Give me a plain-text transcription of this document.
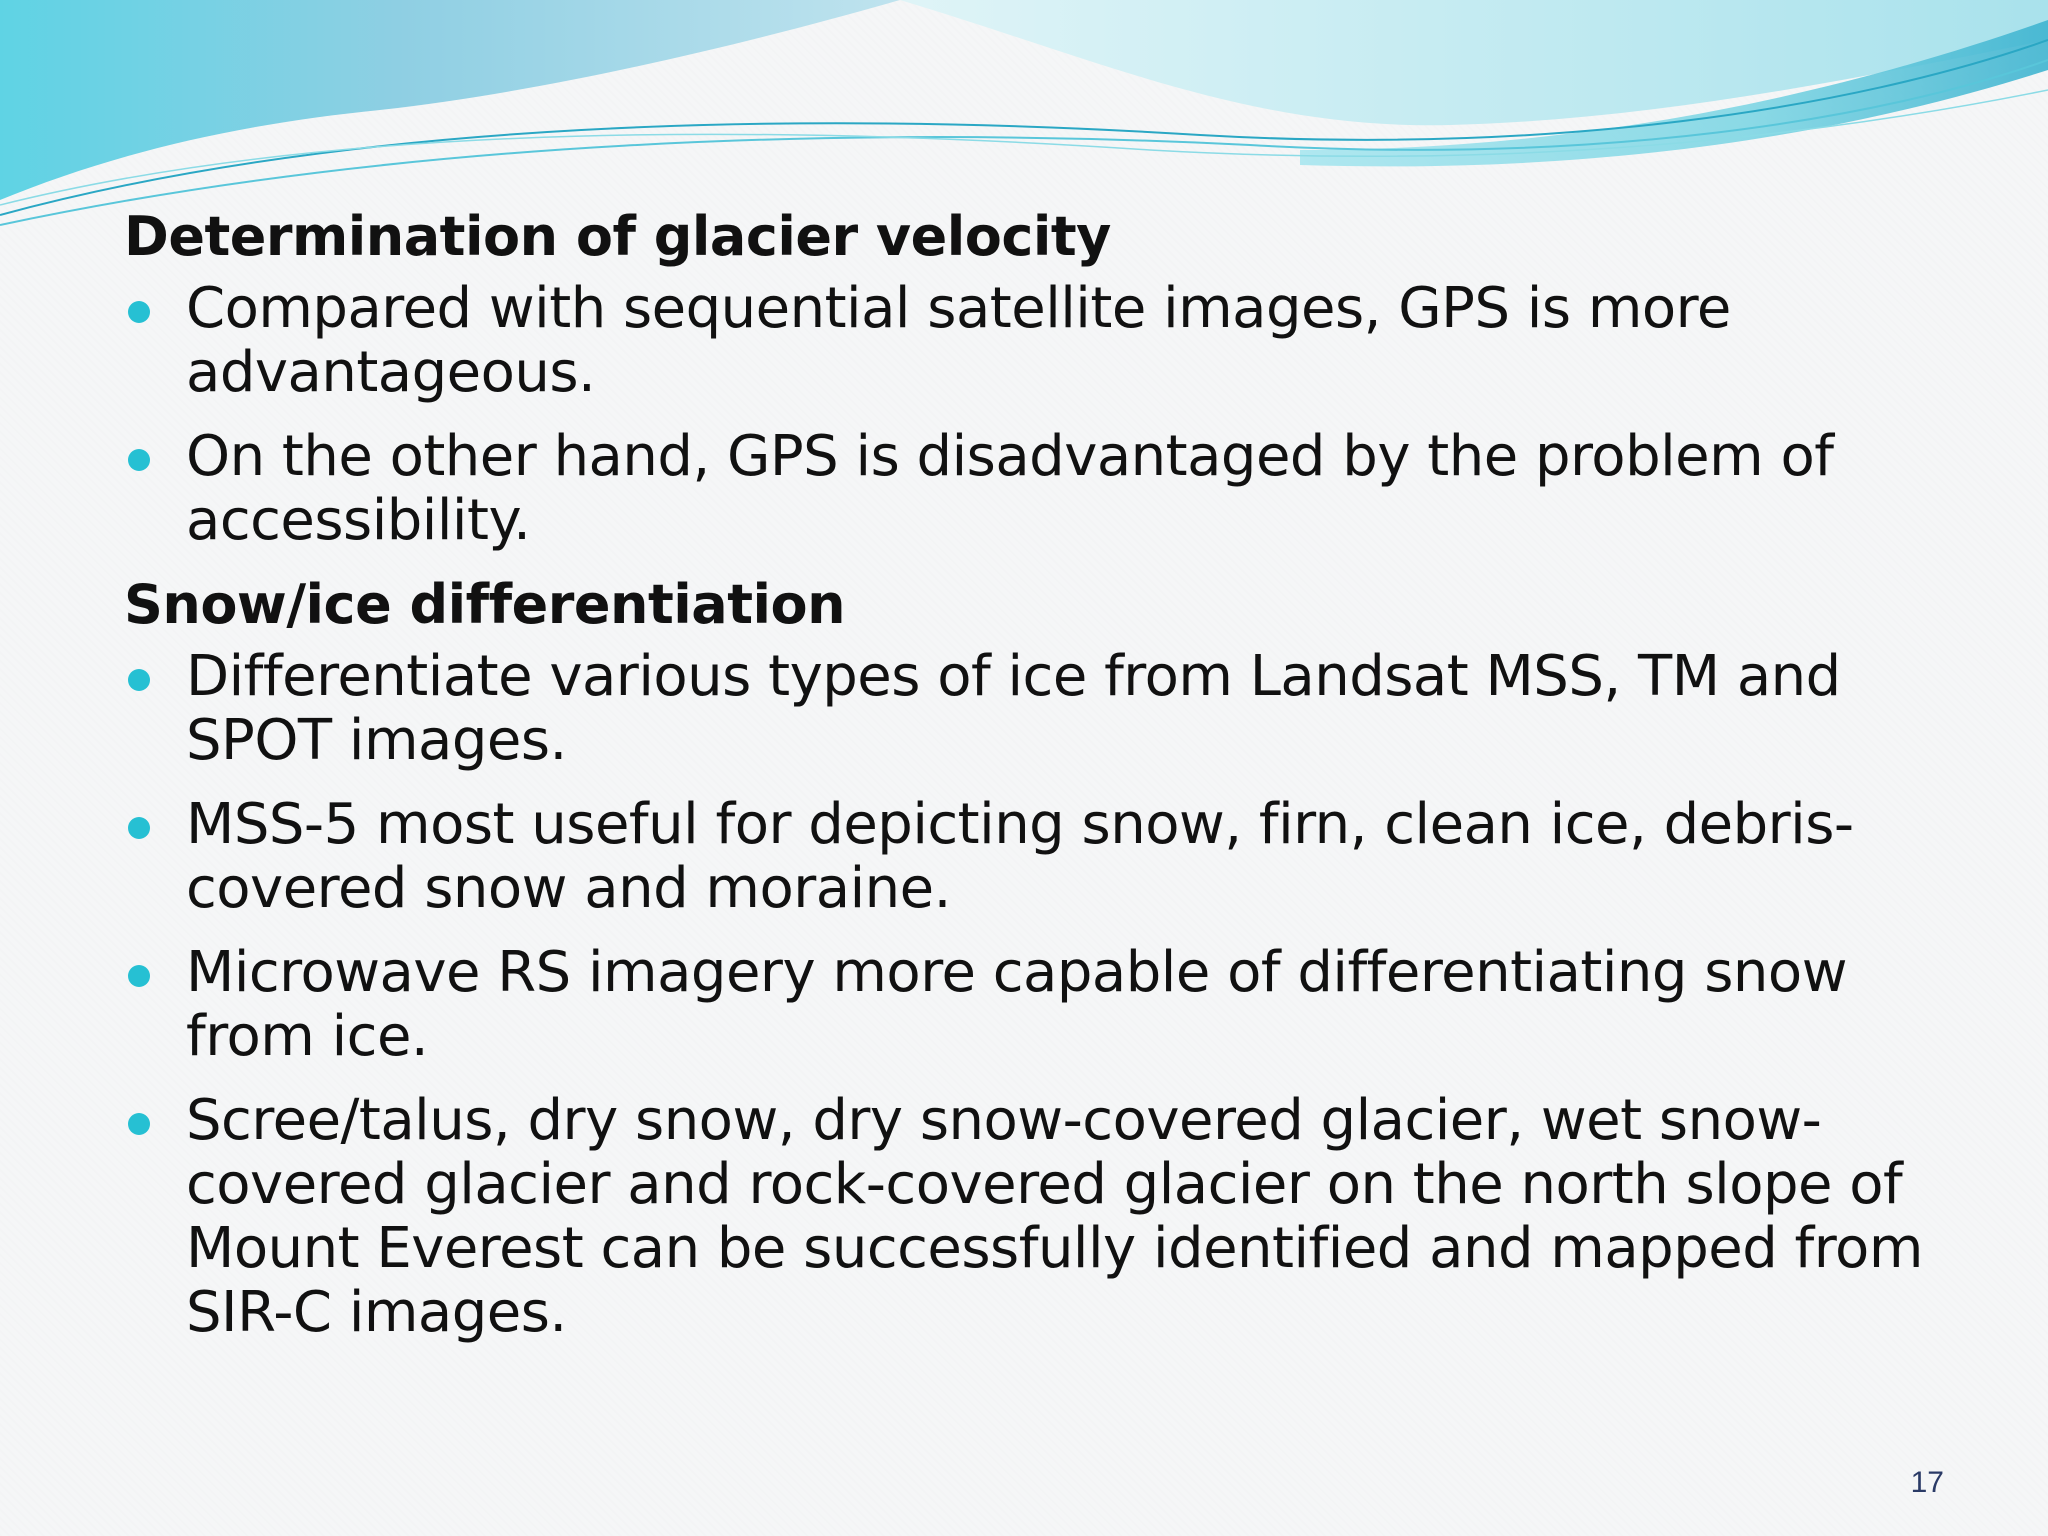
Determination of glacier velocity
Compared with sequential satellite images, GPS is more advantageous.
On the other hand, GPS is disadvantaged by the problem of accessibility.
Snow/ice differentiation
Differentiate various types of ice from Landsat MSS, TM and SPOT images.
MSS-5 most useful for depicting snow, firn, clean ice, debris-covered snow and moraine.
Microwave RS imagery more capable of differentiating snow from ice.
Scree/talus, dry snow, dry snow-covered glacier, wet snow-covered glacier and rock-covered glacier on the north slope of Mount Everest can be successfully identified and mapped from SIR-C images.
17
